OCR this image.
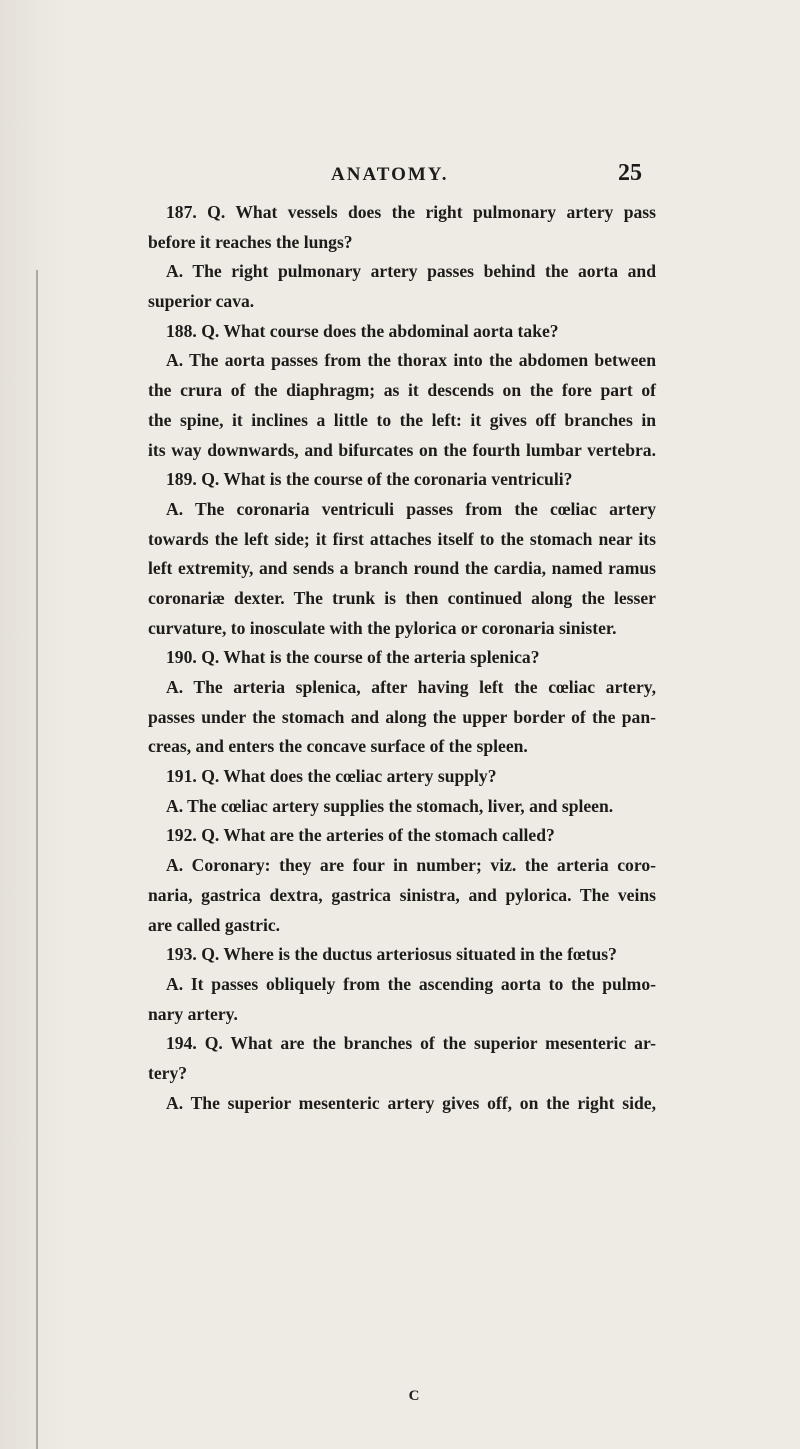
ANATOMY.	25
187. Q. What vessels does the right pulmonary artery pass
before it reaches the lungs?
A. The right pulmonary artery passes behind the aorta and
superior cava.
188. Q. What course does the abdominal aorta take?
A. The aorta passes from the thorax into the abdomen between
the crura of the diaphragm; as it descends on the fore part of
the spine, it inclines a little to the left: it gives off branches in
its way downwards, and bifurcates on the fourth lumbar vertebra.
189. Q. What is the course of the coronaria ventriculi?
A. The coronaria ventriculi passes from the cœliac artery
towards the left side; it first attaches itself to the stomach near its
left extremity, and sends a branch round the cardia, named ramus
coronariæ dexter. The trunk is then continued along the lesser
curvature, to inosculate with the pylorica or coronaria sinister.
190. Q. What is the course of the arteria splenica?
A. The arteria splenica, after having left the cœliac artery,
passes under the stomach and along the upper border of the pan-
creas, and enters the concave surface of the spleen.
191. Q. What does the cœliac artery supply?
A. The cœliac artery supplies the stomach, liver, and spleen.
192. Q. What are the arteries of the stomach called?
A. Coronary: they are four in number; viz. the arteria coro-
naria, gastrica dextra, gastrica sinistra, and pylorica. The veins
are called gastric.
193. Q. Where is the ductus arteriosus situated in the fœtus?
A. It passes obliquely from the ascending aorta to the pulmo-
nary artery.
194. Q. What are the branches of the superior mesenteric ar-
tery?
A. The superior mesenteric artery gives off, on the right side,
C
